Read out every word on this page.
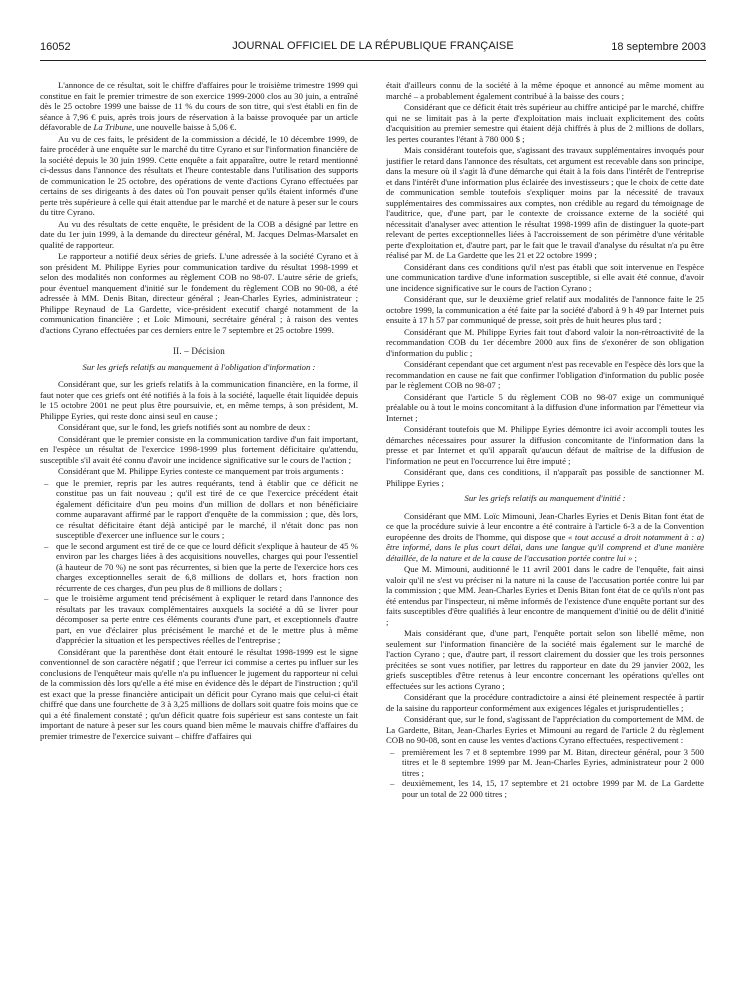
16052	JOURNAL OFFICIEL DE LA RÉPUBLIQUE FRANÇAISE	18 septembre 2003

L'annonce de ce résultat, soit le chiffre d'affaires pour le troisième trimestre 1999 qui constitue en fait le premier trimestre de son exercice 1999-2000 clos au 30 juin, a entraîné dès le 25 octobre 1999 une baisse de 11 % du cours de son titre, qui s'est établi en fin de séance à 7,96 € puis, après trois jours de réservation à la baisse provoquée par un article défavorable de La Tribune, une nouvelle baisse à 5,06 €.

Au vu de ces faits, le président de la commission a décidé, le 10 décembre 1999, de faire procéder à une enquête sur le marché du titre Cyrano et sur l'information financière de la société depuis le 30 juin 1999. Cette enquête a fait apparaître, outre le retard mentionné ci-dessus dans l'annonce des résultats et l'heure contestable dans l'utilisation des supports de communication le 25 octobre, des opérations de vente d'actions Cyrano effectuées par certains de ses dirigeants à des dates où l'on pouvait penser qu'ils étaient informés d'une perte très supérieure à celle qui était attendue par le marché et de nature à peser sur le cours du titre Cyrano.

Au vu des résultats de cette enquête, le président de la COB a désigné par lettre en date du 1er juin 1999, à la demande du directeur général, M. Jacques Delmas-Marsalet en qualité de rapporteur.

Le rapporteur a notifié deux séries de griefs. L'une adressée à la société Cyrano et à son président M. Philippe Eyries pour communication tardive du résultat 1998-1999 et selon des modalités non conformes au règlement COB no 98-07. L'autre série de griefs, pour éventuel manquement d'initié sur le fondement du règlement COB no 90-08, a été adressée à MM. Denis Bitan, directeur général ; Jean-Charles Eyries, administrateur ; Philippe Reynaud de La Gardette, vice-président executif chargé notamment de la communication financière ; et Loïc Mimouni, secrétaire général ; à raison des ventes d'actions Cyrano effectuées par ces derniers entre le 7 septembre et 25 octobre 1999.

II. – Décision

Sur les griefs relatifs au manquement à l'obligation d'information :

Considérant que, sur les griefs relatifs à la communication financière, en la forme, il faut noter que ces griefs ont été notifiés à la fois à la société, laquelle était liquidée depuis le 15 octobre 2001 ne peut plus être poursuivie, et, en même temps, à son président, M. Philippe Eyries, qui reste donc ainsi seul en cause ;

Considérant que, sur le fond, les griefs notifiés sont au nombre de deux :

Considérant que le premier consiste en la communication tardive d'un fait important, en l'espèce un résultat de l'exercice 1998-1999 plus fortement déficitaire qu'attendu, susceptible s'il avait été connu d'avoir une incidence significative sur le cours de l'action ;

Considérant que M. Philippe Eyries conteste ce manquement par trois arguments :

– que le premier, repris par les autres requérants, tend à établir que ce déficit ne constitue pas un fait nouveau ; qu'il est tiré de ce que l'exercice précédent était également déficitaire d'un peu moins d'un million de dollars et non bénéficiaire comme auparavant affirmé par le rapport d'enquête de la commission ; que, dès lors, ce résultat déficitaire étant déjà anticipé par le marché, il n'était donc pas non susceptible d'exercer une influence sur le cours ;
– que le second argument est tiré de ce que ce lourd déficit s'explique à hauteur de 45 % environ par les charges liées à des acquisitions nouvelles, charges qui pour l'essentiel (à hauteur de 70 %) ne sont pas récurrentes, si bien que la perte de l'exercice hors ces charges exceptionnelles serait de 6,8 millions de dollars et, hors fraction non récurrente de ces charges, d'un peu plus de 8 millions de dollars ;
– que le troisième argument tend précisément à expliquer le retard dans l'annonce des résultats par les travaux complémentaires auxquels la société a dû se livrer pour décomposer sa perte entre ces éléments courants d'une part, et exceptionnels d'autre part, en vue d'éclairer plus précisément le marché et de le mettre plus à même d'apprécier la situation et les perspectives réelles de l'entreprise ;

Considérant que la parenthèse dont était entouré le résultat 1998-1999 est le signe conventionnel de son caractère négatif ; que l'erreur ici commise a certes pu influer sur les conclusions de l'enquêteur mais qu'elle n'a pu influencer le jugement du rapporteur ni celui de la commission dès lors qu'elle a été mise en évidence dès le départ de l'instruction ; qu'il est exact que la presse financière anticipait un déficit pour Cyrano mais que celui-ci était chiffré que dans une fourchette de 3 à 3,25 millions de dollars soit quatre fois moins que ce qui a été finalement constaté ; qu'un déficit quatre fois supérieur est sans conteste un fait important de nature à peser sur les cours quand bien même le mauvais chiffre d'affaires du premier trimestre de l'exercice suivant – chiffre d'affaires qui

était d'ailleurs connu de la société à la même époque et annoncé au même moment au marché – a probablement également contribué à la baisse des cours ;

Considérant que ce déficit était très supérieur au chiffre anticipé par le marché, chiffre qui ne se limitait pas à la perte d'exploitation mais incluait explicitement des coûts d'acquisition au premier semestre qui étaient déjà chiffrés à plus de 2 millions de dollars, les pertes courantes l'étant à 780 000 $ ;

Mais considérant toutefois que, s'agissant des travaux supplémentaires invoqués pour justifier le retard dans l'annonce des résultats, cet argument est recevable dans son principe, dans la mesure où il s'agit là d'une démarche qui était à la fois dans l'intérêt de l'entreprise et dans l'intérêt d'une information plus éclairée des investisseurs ; que le choix de cette date de communication semble toutefois s'expliquer moins par la nécessité de travaux supplémentaires des commissaires aux comptes, non crédible au regard du témoignage de l'auditrice, que, d'une part, par le contexte de croissance externe de la société qui nécessitait d'analyser avec attention le résultat 1998-1999 afin de distinguer la quote-part relevant de pertes exceptionnelles liées à l'accroissement de son périmètre d'une véritable perte d'exploitation et, d'autre part, par le fait que le travail d'analyse du résultat n'a pu être réalisé par M. de La Gardette que les 21 et 22 octobre 1999 ;

Considérant dans ces conditions qu'il n'est pas établi que soit intervenue en l'espèce une communication tardive d'une information susceptible, si elle avait été connue, d'avoir une incidence significative sur le cours de l'action Cyrano ;

Considérant que, sur le deuxième grief relatif aux modalités de l'annonce faite le 25 octobre 1999, la communication a été faite par la société d'abord à 9 h 49 par Internet puis ensuite à 17 h 57 par communiqué de presse, soit près de huit heures plus tard ;

Considérant que M. Philippe Eyries fait tout d'abord valoir la non-rétroactivité de la recommandation COB du 1er décembre 2000 aux fins de s'exonérer de son obligation d'information du public ;

Considérant cependant que cet argument n'est pas recevable en l'espèce dès lors que la recommandation en cause ne fait que confirmer l'obligation d'information du public posée par le règlement COB no 98-07 ;

Considérant que l'article 5 du règlement COB no 98-07 exige un communiqué préalable ou à tout le moins concomitant à la diffusion d'une information par l'émetteur via Internet ;

Considérant toutefois que M. Philippe Eyries démontre ici avoir accompli toutes les démarches nécessaires pour assurer la diffusion concomitante de l'information dans la presse et par Internet et qu'il apparaît qu'aucun défaut de maîtrise de la diffusion de l'information ne peut en l'occurrence lui être imputé ;

Considérant que, dans ces conditions, il n'apparaît pas possible de sanctionner M. Philippe Eyries ;

Sur les griefs relatifs au manquement d'initié :

Considérant que MM. Loïc Mimouni, Jean-Charles Eyries et Denis Bitan font état de ce que la procédure suivie à leur encontre a été contraire à l'article 6-3 a de la Convention européenne des droits de l'homme, qui dispose que « tout accusé a droit notamment à : a) être informé, dans le plus court délai, dans une langue qu'il comprend et d'une manière détaillée, de la nature et de la cause de l'accusation portée contre lui » ;

Que M. Mimouni, auditionné le 11 avril 2001 dans le cadre de l'enquête, fait ainsi valoir qu'il ne s'est vu préciser ni la nature ni la cause de l'accusation portée contre lui par la commission ; que MM. Jean-Charles Eyries et Denis Bitan font état de ce qu'ils n'ont pas été entendus par l'inspecteur, ni même informés de l'existence d'une enquête portant sur des faits susceptibles d'être qualifiés à leur encontre de manquement d'initié ou de délit d'initié ;

Mais considérant que, d'une part, l'enquête portait selon son libellé même, non seulement sur l'information financière de la société mais également sur le marché de l'action Cyrano ; que, d'autre part, il ressort clairement du dossier que les trois personnes précitées se sont vues notifier, par lettres du rapporteur en date du 29 janvier 2002, les griefs susceptibles d'être retenus à leur encontre concernant les opérations qu'elles ont effectuées sur les actions Cyrano ;

Considérant que la procédure contradictoire a ainsi été pleinement respectée à partir de la saisine du rapporteur conformément aux exigences légales et jurisprudentielles ;

Considérant que, sur le fond, s'agissant de l'appréciation du comportement de MM. de La Gardette, Bitan, Jean-Charles Eyries et Mimouni au regard de l'article 2 du règlement COB no 90-08, sont en cause les ventes d'actions Cyrano effectuées, respectivement :

– premièrement les 7 et 8 septembre 1999 par M. Bitan, directeur général, pour 3 500 titres et le 8 septembre 1999 par M. Jean-Charles Eyries, administrateur pour 2 000 titres ;
– deuxièmement, les 14, 15, 17 septembre et 21 octobre 1999 par M. de La Gardette pour un total de 22 000 titres ;
